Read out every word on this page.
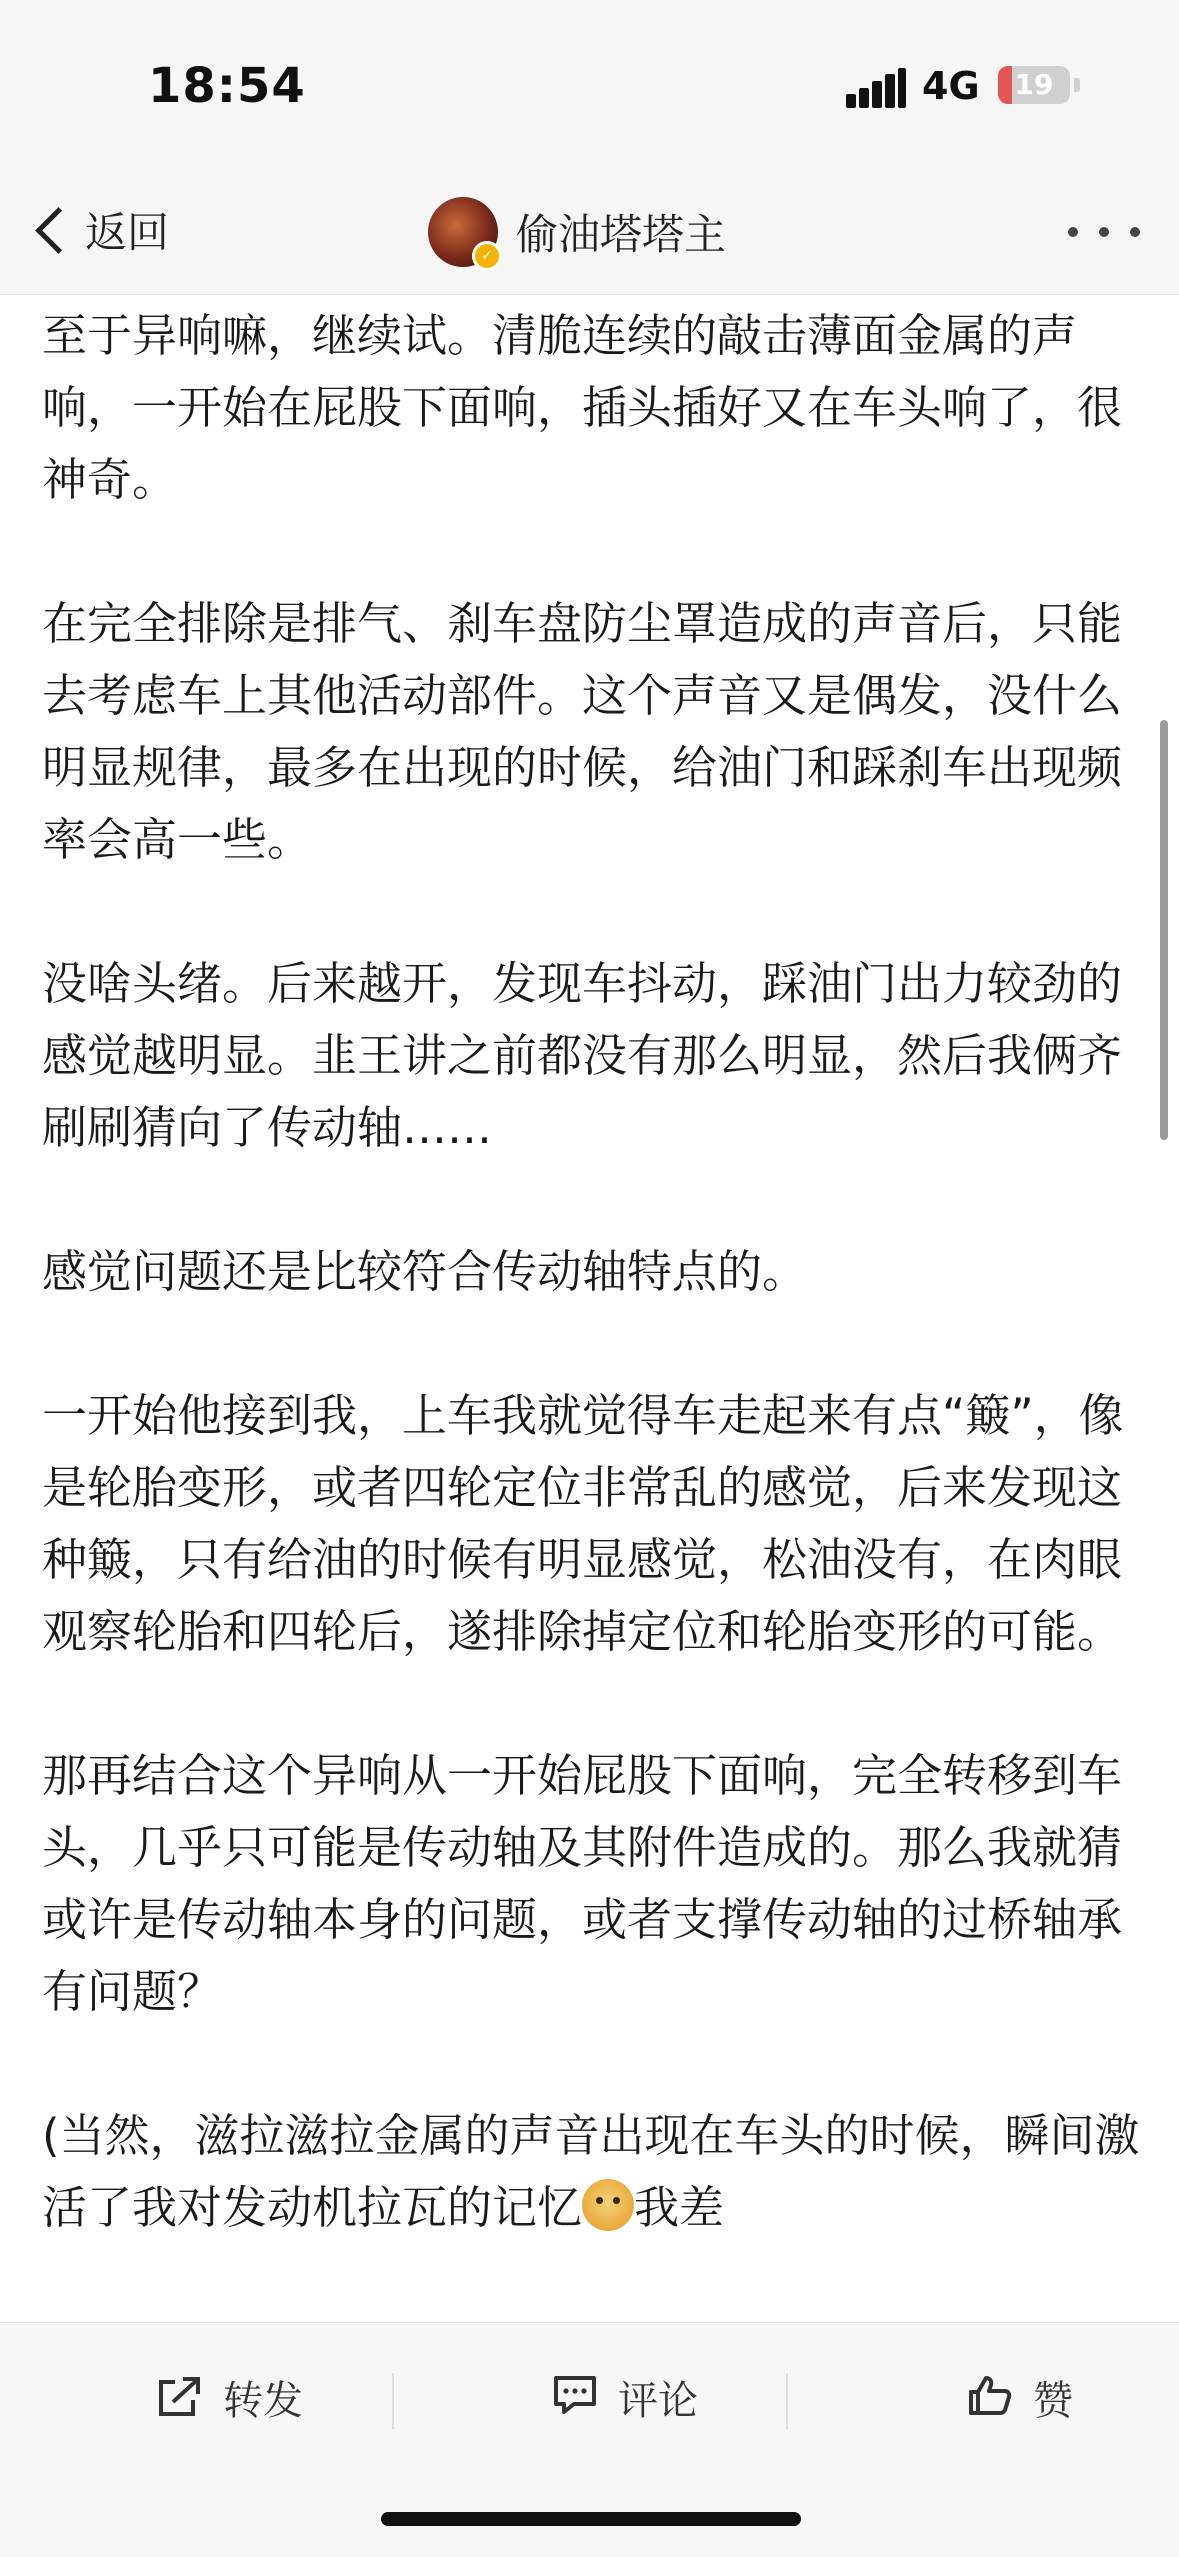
18:54	4G	19
返回	✓ 偷油塔塔主

至于异响嘛，继续试。清脆连续的敲击薄面金属的声响，一开始在屁股下面响，插头插好又在车头响了，很神奇。

在完全排除是排气、刹车盘防尘罩造成的声音后，只能去考虑车上其他活动部件。这个声音又是偶发，没什么明显规律，最多在出现的时候，给油门和踩刹车出现频率会高一些。

没啥头绪。后来越开，发现车抖动，踩油门出力较劲的感觉越明显。韭王讲之前都没有那么明显，然后我俩齐刷刷猜向了传动轴……

感觉问题还是比较符合传动轴特点的。

一开始他接到我，上车我就觉得车走起来有点“簸”，像是轮胎变形，或者四轮定位非常乱的感觉，后来发现这种簸，只有给油的时候有明显感觉，松油没有，在肉眼观察轮胎和四轮后，遂排除掉定位和轮胎变形的可能。

那再结合这个异响从一开始屁股下面响，完全转移到车头，几乎只可能是传动轴及其附件造成的。那么我就猜或许是传动轴本身的问题，或者支撑传动轴的过桥轴承有问题？

(当然，滋拉滋拉金属的声音出现在车头的时候，瞬间激活了我对发动机拉瓦的记忆 我差

转发	评论	赞
